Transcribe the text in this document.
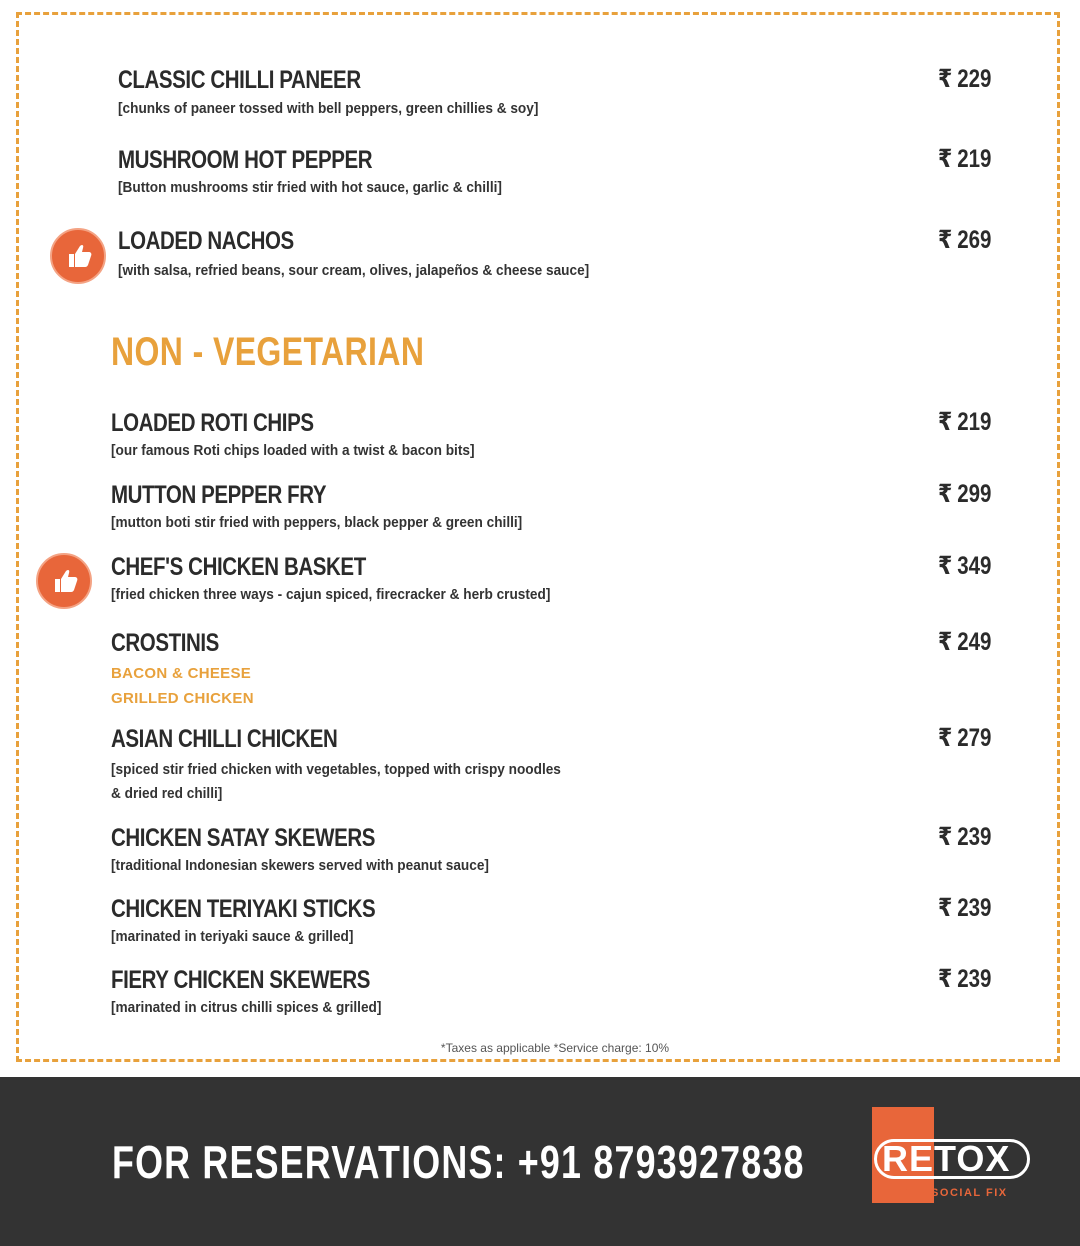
CLASSIC CHILLI PANEER
[chunks of paneer tossed with bell peppers, green chillies & soy]
₹ 229
MUSHROOM HOT PEPPER
[Button mushrooms stir fried with hot sauce, garlic & chilli]
₹ 219
LOADED NACHOS
[with salsa, refried beans, sour cream, olives, jalapeños & cheese sauce]
₹ 269
NON - VEGETARIAN
LOADED ROTI CHIPS
[our famous Roti chips loaded with a twist & bacon bits]
₹ 219
MUTTON PEPPER FRY
[mutton boti stir fried with peppers, black pepper & green chilli]
₹ 299
CHEF'S CHICKEN BASKET
[fried chicken three ways - cajun spiced, firecracker & herb crusted]
₹ 349
CROSTINIS
BACON & CHEESE
GRILLED CHICKEN
₹ 249
ASIAN CHILLI CHICKEN
[spiced stir fried chicken with vegetables, topped with crispy noodles
& dried red chilli]
₹ 279
CHICKEN SATAY SKEWERS
[traditional Indonesian skewers served with peanut sauce]
₹ 239
CHICKEN TERIYAKI STICKS
[marinated in teriyaki sauce & grilled]
₹ 239
FIERY CHICKEN SKEWERS
[marinated in citrus chilli spices & grilled]
₹ 239
*Taxes as applicable *Service charge: 10%
FOR RESERVATIONS: +91 8793927838 RETOX
THE SOCIAL FIX
